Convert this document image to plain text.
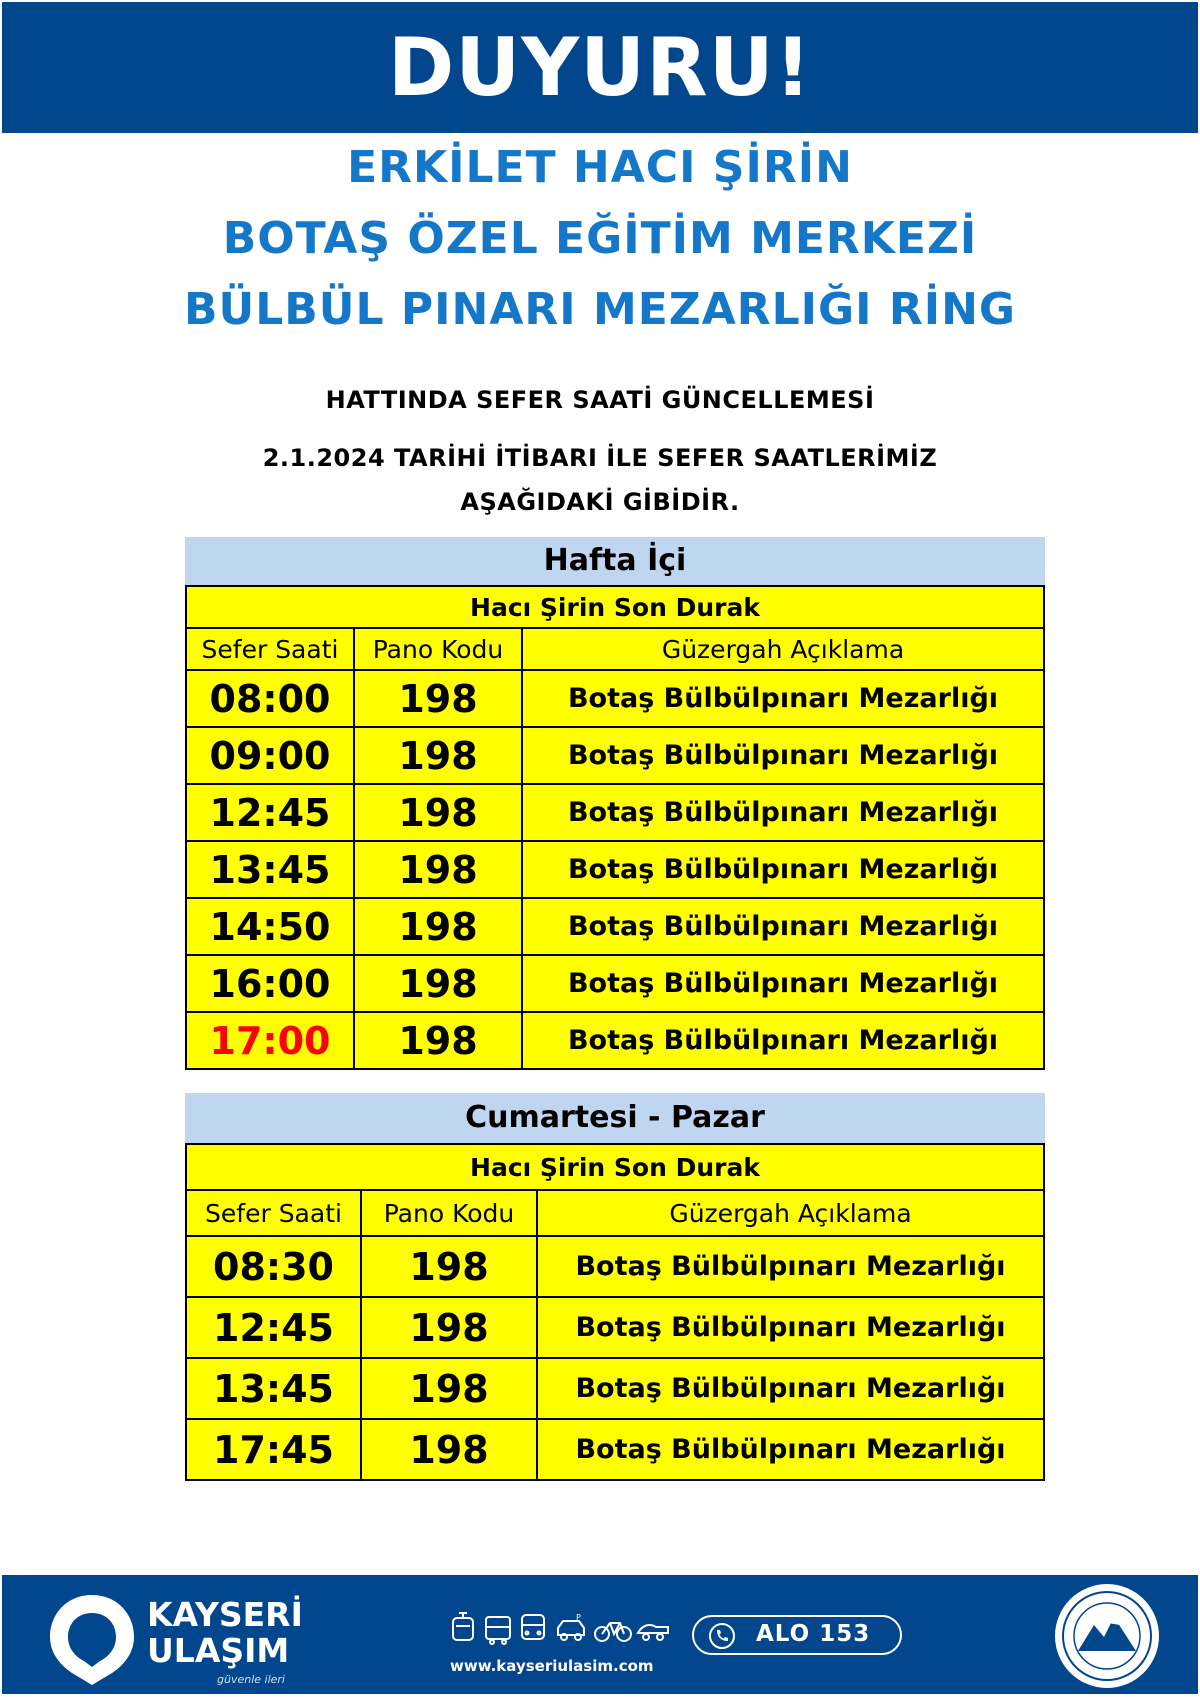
DUYURU!
ERKİLET HACI ŞİRİN
BOTAŞ ÖZEL EĞİTİM MERKEZİ
BÜLBÜL PINARI MEZARLIĞI RİNG
HATTINDA SEFER SAATİ GÜNCELLEMESİ
2.1.2024 TARİHİ İTİBARI İLE SEFER SAATLERİMİZ
AŞAĞIDAKİ GİBİDİR.
Hafta İçi
Hacı Şirin Son Durak		
Sefer Saati	Pano Kodu	Güzergah Açıklama
08:00	198	Botaş Bülbülpınarı Mezarlığı
09:00	198	Botaş Bülbülpınarı Mezarlığı
12:45	198	Botaş Bülbülpınarı Mezarlığı
13:45	198	Botaş Bülbülpınarı Mezarlığı
14:50	198	Botaş Bülbülpınarı Mezarlığı
16:00	198	Botaş Bülbülpınarı Mezarlığı
17:00	198	Botaş Bülbülpınarı Mezarlığı
Cumartesi - Pazar
Hacı Şirin Son Durak		
Sefer Saati	Pano Kodu	Güzergah Açıklama
08:30	198	Botaş Bülbülpınarı Mezarlığı
12:45	198	Botaş Bülbülpınarı Mezarlığı
13:45	198	Botaş Bülbülpınarı Mezarlığı
17:45	198	Botaş Bülbülpınarı Mezarlığı
KAYSERİ
ULAŞIM
güvenle ileri
P
www.kayseriulasim.com
ALO 153
